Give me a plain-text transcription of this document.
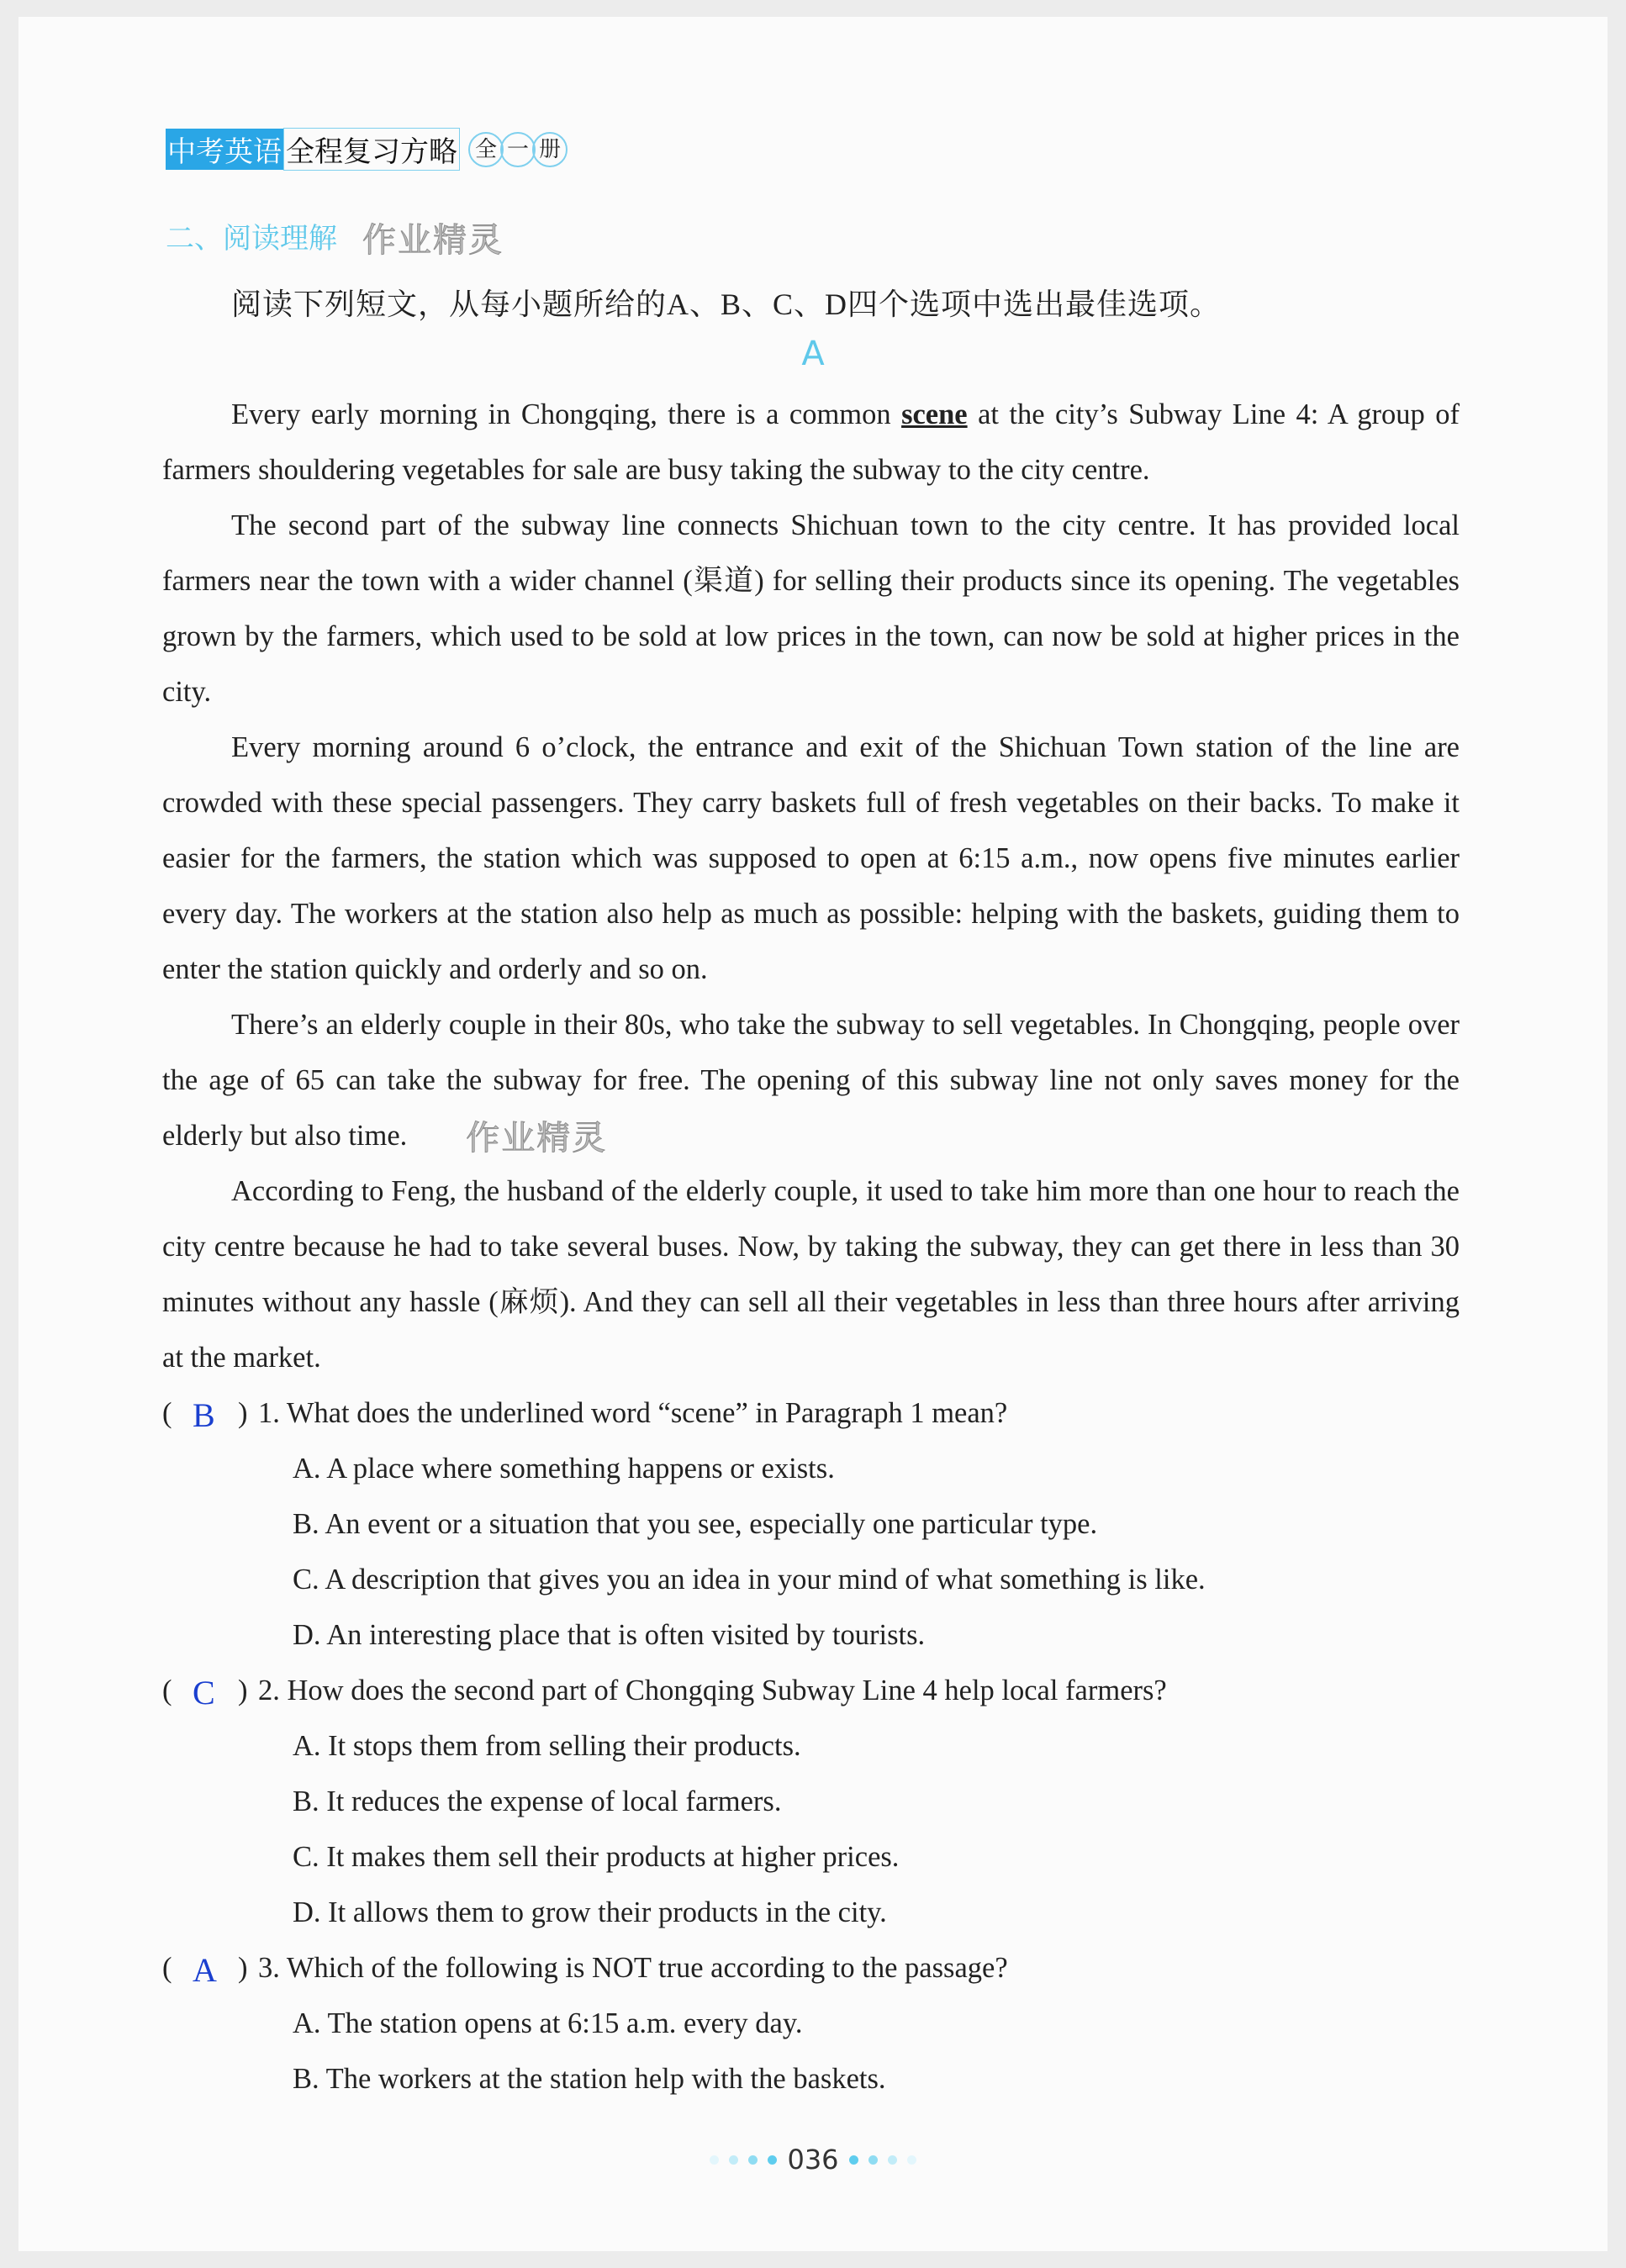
中考英语 全程复习方略 全 一 册
二、阅读理解 作业精灵
阅读下列短文，从每小题所给的A、B、C、D四个选项中选出最佳选项。
A

Every early morning in Chongqing, there is a common scene at the city’s Subway Line 4: A group of farmers shouldering vegetables for sale are busy taking the subway to the city centre.

The second part of the subway line connects Shichuan town to the city centre. It has provided local farmers near the town with a wider channel (渠道) for selling their products since its opening. The vegetables grown by the farmers, which used to be sold at low prices in the town, can now be sold at higher prices in the city.

Every morning around 6 o’clock, the entrance and exit of the Shichuan Town station of the line are crowded with these special passengers. They carry baskets full of fresh vegetables on their backs. To make it easier for the farmers, the station which was supposed to open at 6:15 a.m., now opens five minutes earlier every day. The workers at the station also help as much as possible: helping with the baskets, guiding them to enter the station quickly and orderly and so on.

There’s an elderly couple in their 80s, who take the subway to sell vegetables. In Chongqing, people over the age of 65 can take the subway for free. The opening of this subway line not only saves money for the elderly but also time. 作业精灵

According to Feng, the husband of the elderly couple, it used to take him more than one hour to reach the city centre because he had to take several buses. Now, by taking the subway, they can get there in less than 30 minutes without any hassle (麻烦). And they can sell all their vegetables in less than three hours after arriving at the market.

( B ) 1. What does the underlined word “scene” in Paragraph 1 mean?

A. A place where something happens or exists.

B. An event or a situation that you see, especially one particular type.

C. A description that gives you an idea in your mind of what something is like.

D. An interesting place that is often visited by tourists.

( C ) 2. How does the second part of Chongqing Subway Line 4 help local farmers?

A. It stops them from selling their products.

B. It reduces the expense of local farmers.

C. It makes them sell their products at higher prices.

D. It allows them to grow their products in the city.

( A ) 3. Which of the following is NOT true according to the passage?

A. The station opens at 6:15 a.m. every day.

B. The workers at the station help with the baskets.

036
